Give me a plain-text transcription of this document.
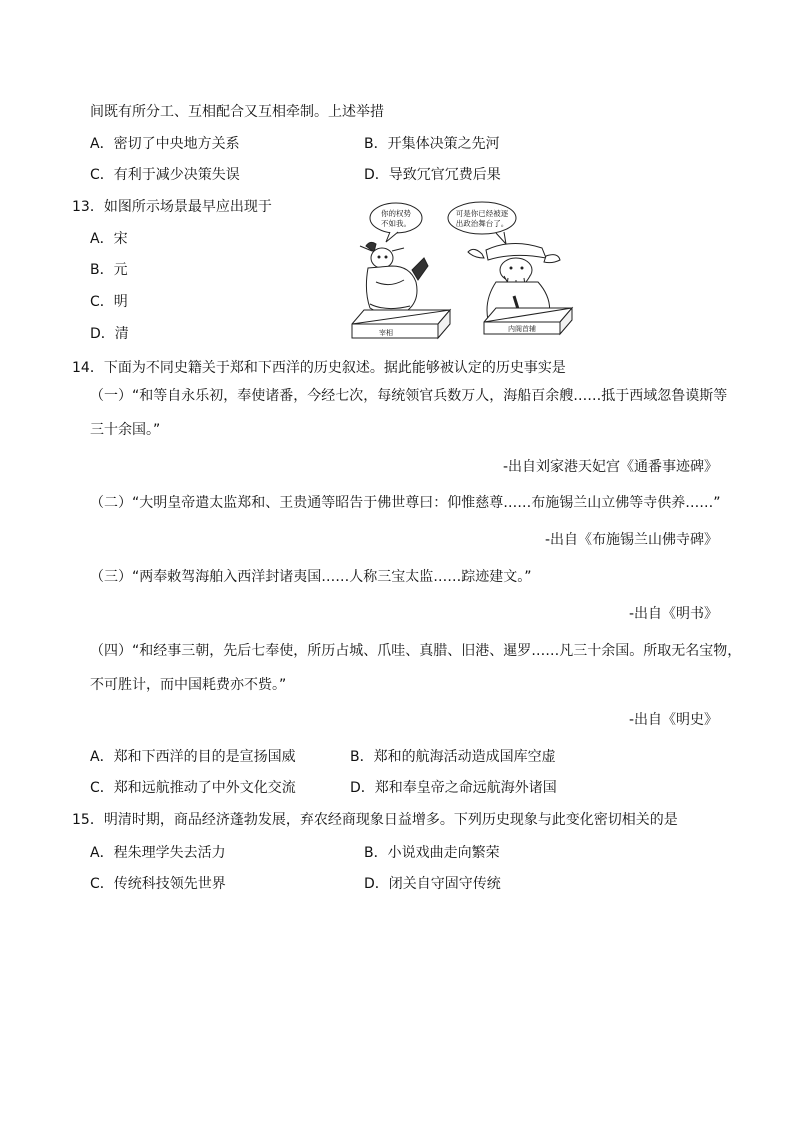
间既有所分工、互相配合又互相牵制。上述举措
A．密切了中央地方关系	B．开集体决策之先河
C．有利于减少决策失误	D．导致冗官冗费后果
13．如图所示场景最早应出现于
A．宋
B．元
C．明
D．清
你的权势
不如我。
可是你已经被逐
出政治舞台了。
宰相	内阁首辅
14．下面为不同史籍关于郑和下西洋的历史叙述。据此能够被认定的历史事实是
（一）“和等自永乐初，奉使诸番，今经七次，每统领官兵数万人，海船百余艘……抵于西域忽鲁谟斯等
三十余国。”
-出自刘家港天妃宫《通番事迹碑》
（二）“大明皇帝遣太监郑和、王贵通等昭告于佛世尊曰：仰惟慈尊……布施锡兰山立佛等寺供养……”
-出自《布施锡兰山佛寺碑》
（三）“两奉敕驾海舶入西洋封诸夷国……人称三宝太监……踪迹建文。”
-出自《明书》
（四）“和经事三朝，先后七奉使，所历占城、爪哇、真腊、旧港、暹罗……凡三十余国。所取无名宝物，
不可胜计，而中国耗费亦不赀。”
-出自《明史》
A．郑和下西洋的目的是宣扬国威	B．郑和的航海活动造成国库空虚
C．郑和远航推动了中外文化交流	D．郑和奉皇帝之命远航海外诸国
15．明清时期，商品经济蓬勃发展，弃农经商现象日益增多。下列历史现象与此变化密切相关的是
A．程朱理学失去活力	B．小说戏曲走向繁荣
C．传统科技领先世界	D．闭关自守固守传统
